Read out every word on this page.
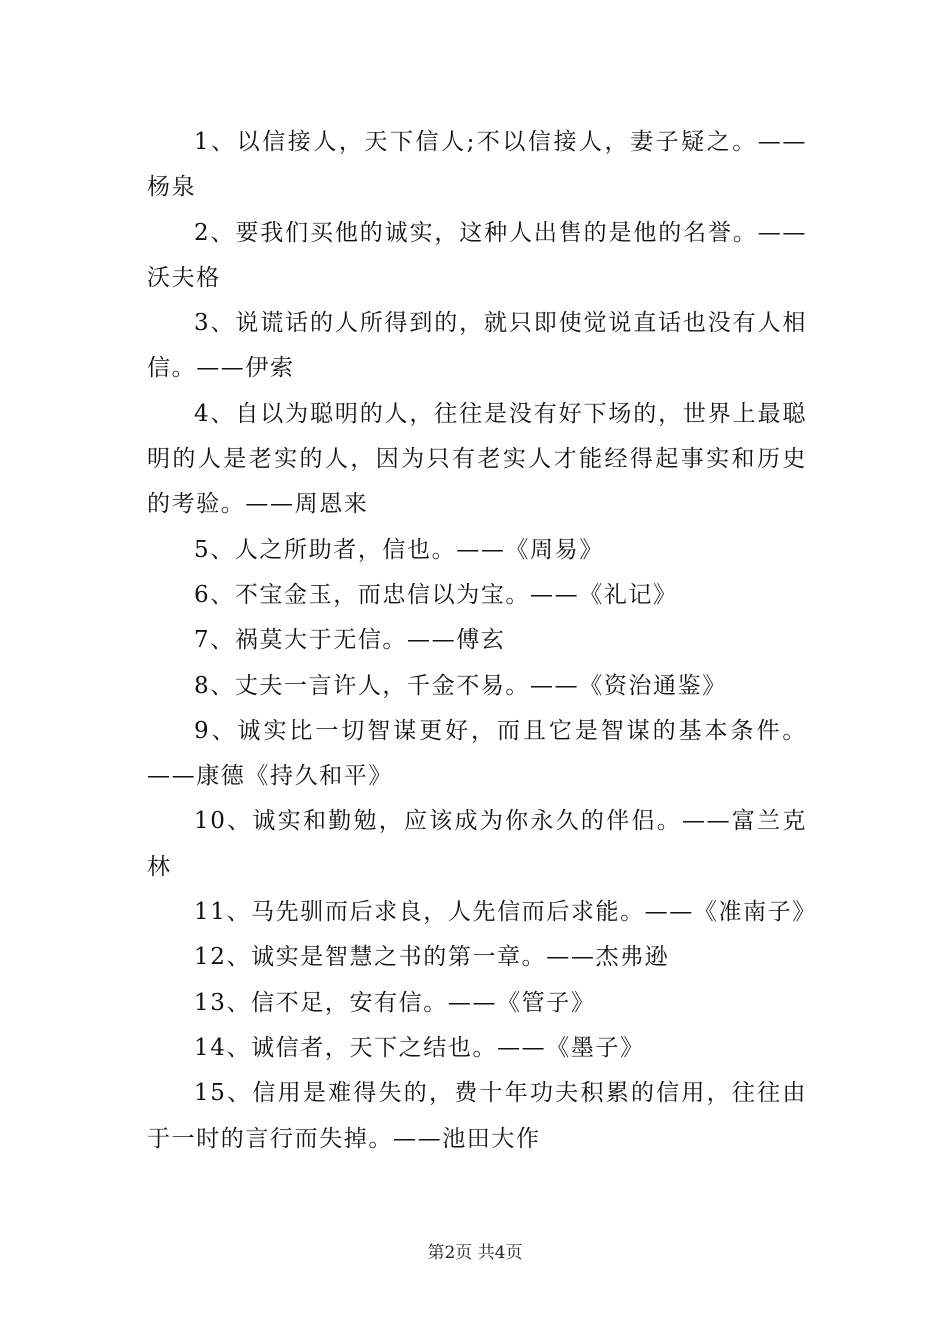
1、以信接人，天下信人;不以信接人，妻子疑之。——杨泉

2、要我们买他的诚实，这种人出售的是他的名誉。——沃夫格

3、说谎话的人所得到的，就只即使觉说直话也没有人相信。——伊索

4、自以为聪明的人，往往是没有好下场的，世界上最聪明的人是老实的人，因为只有老实人才能经得起事实和历史的考验。——周恩来

5、人之所助者，信也。——《周易》

6、不宝金玉，而忠信以为宝。——《礼记》

7、祸莫大于无信。——傅玄

8、丈夫一言许人，千金不易。——《资治通鉴》

9、诚实比一切智谋更好，而且它是智谋的基本条件。——康德《持久和平》

10、诚实和勤勉，应该成为你永久的伴侣。——富兰克林

11、马先驯而后求良，人先信而后求能。——《准南子》

12、诚实是智慧之书的第一章。——杰弗逊

13、信不足，安有信。——《管子》

14、诚信者，天下之结也。——《墨子》

15、信用是难得失的，费十年功夫积累的信用，往往由于一时的言行而失掉。——池田大作

第2页 共4页
